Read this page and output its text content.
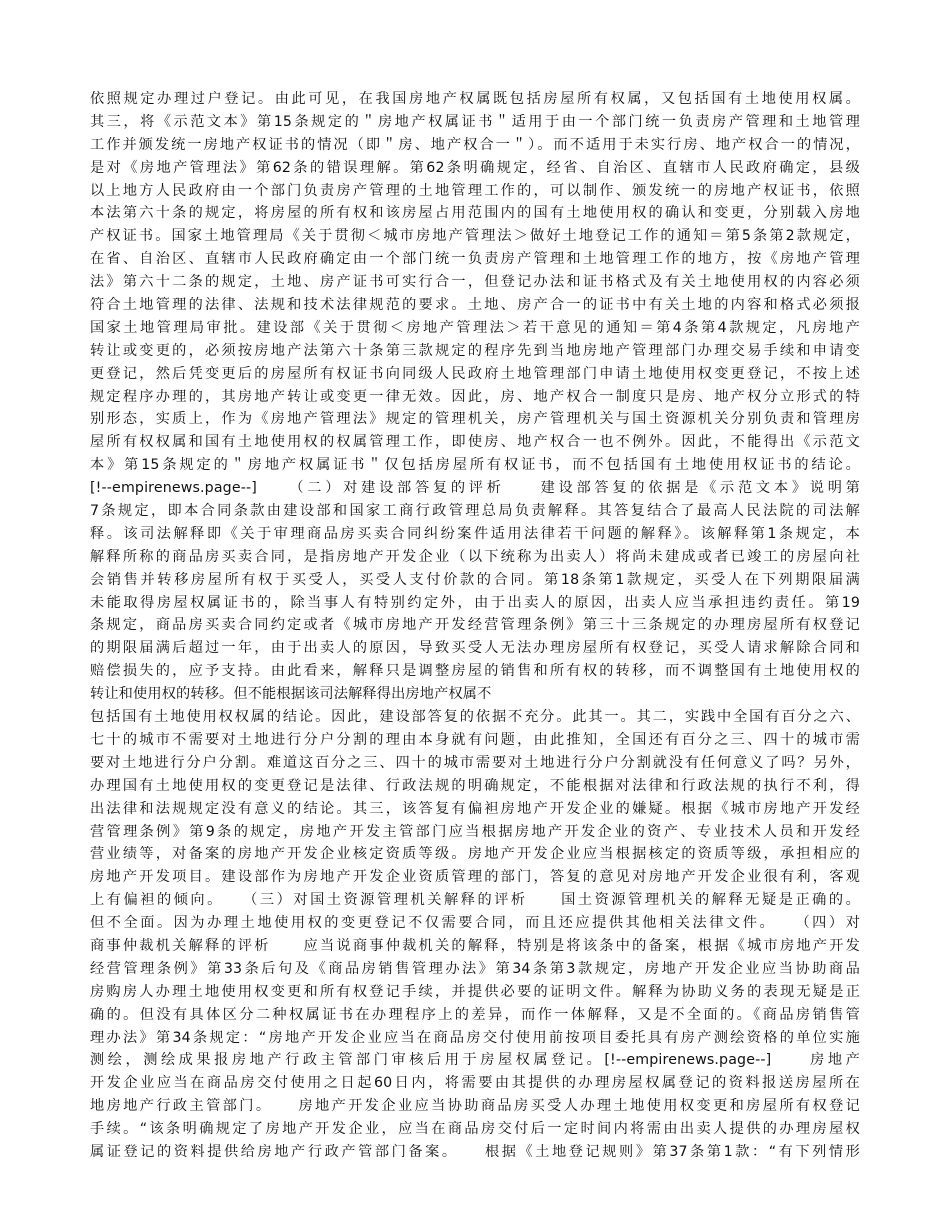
依照规定办理过户登记。由此可见，在我国房地产权属既包括房屋所有权属，又包括国有土地使用权属。
其三，将《示范文本》第15条规定的＂房地产权属证书＂适用于由一个部门统一负责房产管理和土地管理
工作并颁发统一房地产权证书的情况（即＂房、地产权合一＂）。而不适用于未实行房、地产权合一的情况，
是对《房地产管理法》第62条的错误理解。第62条明确规定，经省、自治区、直辖市人民政府确定，县级
以上地方人民政府由一个部门负责房产管理的土地管理工作的，可以制作、颁发统一的房地产权证书，依照
本法第六十条的规定，将房屋的所有权和该房屋占用范围内的国有土地使用权的确认和变更，分别载入房地
产权证书。国家土地管理局《关于贯彻＜城市房地产管理法＞做好土地登记工作的通知＝第5条第2款规定，
在省、自治区、直辖市人民政府确定由一个部门统一负责房产管理和土地管理工作的地方，按《房地产管理
法》第六十二条的规定，土地、房产证书可实行合一，但登记办法和证书格式及有关土地使用权的内容必须
符合土地管理的法律、法规和技术法律规范的要求。土地、房产合一的证书中有关土地的内容和格式必须报
国家土地管理局审批。建设部《关于贯彻＜房地产管理法＞若干意见的通知＝第4条第4款规定，凡房地产
转让或变更的，必须按房地产法第六十条第三款规定的程序先到当地房地产管理部门办理交易手续和申请变
更登记，然后凭变更后的房屋所有权证书向同级人民政府土地管理部门申请土地使用权变更登记，不按上述
规定程序办理的，其房地产转让或变更一律无效。因此，房、地产权合一制度只是房、地产权分立形式的特
别形态，实质上，作为《房地产管理法》规定的管理机关，房产管理机关与国土资源机关分别负责和管理房
屋所有权权属和国有土地使用权的权属管理工作，即使房、地产权合一也不例外。因此，不能得出《示范文
本》第15条规定的＂房地产权属证书＂仅包括房屋所有权证书，而不包括国有土地使用权证书的结论。
[!--empirenews.page--]　　（二）对建设部答复的评析　　建设部答复的依据是《示范文本》说明第
7条规定，即本合同条款由建设部和国家工商行政管理总局负责解释。其答复结合了最高人民法院的司法解
释。该司法解释即《关于审理商品房买卖合同纠纷案件适用法律若干问题的解释》。该解释第1条规定，本
解释所称的商品房买卖合同，是指房地产开发企业（以下统称为出卖人）将尚未建成或者已竣工的房屋向社
会销售并转移房屋所有权于买受人，买受人支付价款的合同。第18条第1款规定，买受人在下列期限届满
未能取得房屋权属证书的，除当事人有特别约定外，由于出卖人的原因，出卖人应当承担违约责任。第19
条规定，商品房买卖合同约定或者《城市房地产开发经营管理条例》第三十三条规定的办理房屋所有权登记
的期限届满后超过一年，由于出卖人的原因，导致买受人无法办理房屋所有权登记，买受人请求解除合同和
赔偿损失的，应予支持。由此看来，解释只是调整房屋的销售和所有权的转移，而不调整国有土地使用权的
转让和使用权的转移。但不能根据该司法解释得出房地产权属不
包括国有土地使用权权属的结论。因此，建设部答复的依据不充分。此其一。其二，实践中全国有百分之六、
七十的城市不需要对土地进行分户分割的理由本身就有问题，由此推知，全国还有百分之三、四十的城市需
要对土地进行分户分割。难道这百分之三、四十的城市需要对土地进行分户分割就没有任何意义了吗？另外，
办理国有土地使用权的变更登记是法律、行政法规的明确规定，不能根据对法律和行政法规的执行不利，得
出法律和法规规定没有意义的结论。其三，该答复有偏袒房地产开发企业的嫌疑。根据《城市房地产开发经
营管理条例》第9条的规定，房地产开发主管部门应当根据房地产开发企业的资产、专业技术人员和开发经
营业绩等，对备案的房地产开发企业核定资质等级。房地产开发企业应当根据核定的资质等级，承担相应的
房地产开发项目。建设部作为房地产开发企业资质管理的部门，答复的意见对房地产开发企业很有利，客观
上有偏袒的倾向。　　（三）对国土资源管理机关解释的评析　　国土资源管理机关的解释无疑是正确的。
但不全面。因为办理土地使用权的变更登记不仅需要合同，而且还应提供其他相关法律文件。　　（四）对
商事仲裁机关解释的评析　　应当说商事仲裁机关的解释，特别是将该条中的备案，根据《城市房地产开发
经营管理条例》第33条后句及《商品房销售管理办法》第34条第3款规定，房地产开发企业应当协助商品
房购房人办理土地使用权变更和所有权登记手续，并提供必要的证明文件。解释为协助义务的表现无疑是正
确的。但没有具体区分二种权属证书在办理程序上的差异，而作一体解释，又是不全面的。《商品房销售管
理办法》第34条规定：“房地产开发企业应当在商品房交付使用前按项目委托具有房产测绘资格的单位实施
测绘，测绘成果报房地产行政主管部门审核后用于房屋权属登记。[!--empirenews.page--]　　房地产
开发企业应当在商品房交付使用之日起60日内，将需要由其提供的办理房屋权属登记的资料报送房屋所在
地房地产行政主管部门。　　房地产开发企业应当协助商品房买受人办理土地使用权变更和房屋所有权登记
手续。“该条明确规定了房地产开发企业，应当在商品房交付后一定时间内将需由出卖人提供的办理房屋权
属证登记的资料提供给房地产行政产管部门备案。　　根据《土地登记规则》第37条第1款：“有下列情形
